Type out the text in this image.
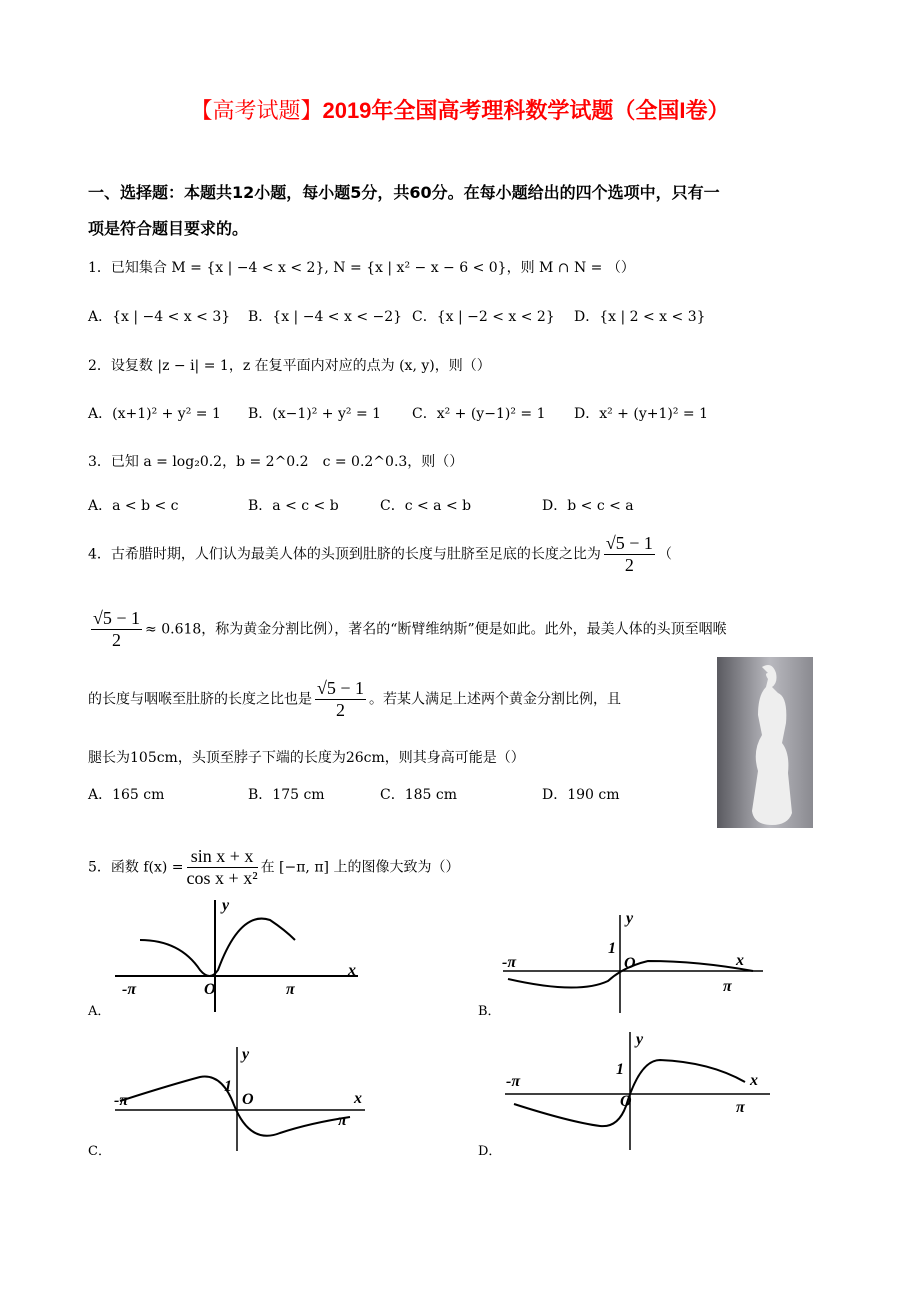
【高考试题】2019年全国高考理科数学试题（全国I卷）
一、选择题：本题共12小题，每小题5分，共60分。在每小题给出的四个选项中，只有一
项是符合题目要求的。
1．已知集合 M = {x | −4 < x < 2}, N = {x | x² − x − 6 < 0}，则 M ∩ N = （）
A．{x | −4 < x < 3} B．{x | −4 < x < −2} C．{x | −2 < x < 2} D．{x | 2 < x < 3}
2．设复数 |z − i| = 1，z 在复平面内对应的点为 (x, y)，则（）
A．(x+1)² + y² = 1 B．(x−1)² + y² = 1 C．x² + (y−1)² = 1 D．x² + (y+1)² = 1
3．已知 a = log₂0.2，b = 2^0.2　c = 0.2^0.3，则（）
A．a < b < c	B．a < c < b	C．c < a < b	D．b < c < a
4．古希腊时期，人们认为最美人体的头顶到肚脐的长度与肚脐至足底的长度之比为 $\frac{√5 - 1}{2}$ （
$\frac{√5 - 1}{2} \approx 0.618$，称为黄金分割比例），著名的“断臂维纳斯”便是如此。此外，最美人体的头顶至咽喉
的长度与咽喉至肚脐的长度之比也是 $\frac{√5 - 1}{2}$ 。若某人满足上述两个黄金分割比例，且
腿长为105cm，头顶至脖子下端的长度为26cm，则其身高可能是（）
A．165 cm	B．175 cm	C．185 cm	D．190 cm
5．函数 $f(x) = \frac{\text{sin x + x}}{\text{cos x + x²}}$ 在 [−π, π] 上的图像大致为（）
y
x
O
-π	π
A．
y
x
O
1
-π
π
B．
y
x
O
1
-π
π
C．
y
x
O
1
-π
π
D．
